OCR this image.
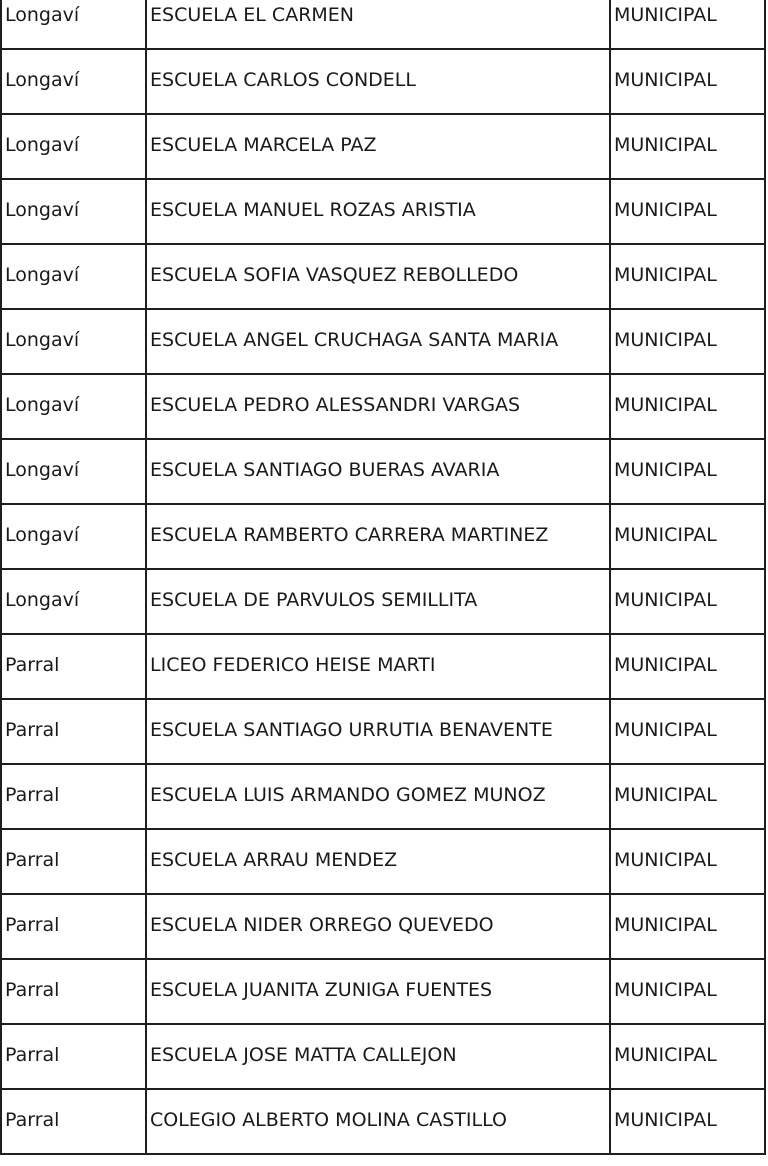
Longaví	ESCUELA EL CARMEN	MUNICIPAL
Longaví	ESCUELA CARLOS CONDELL	MUNICIPAL
Longaví	ESCUELA MARCELA PAZ	MUNICIPAL
Longaví	ESCUELA MANUEL ROZAS ARISTIA	MUNICIPAL
Longaví	ESCUELA SOFIA VASQUEZ REBOLLEDO	MUNICIPAL
Longaví	ESCUELA ANGEL CRUCHAGA SANTA MARIA	MUNICIPAL
Longaví	ESCUELA PEDRO ALESSANDRI VARGAS	MUNICIPAL
Longaví	ESCUELA SANTIAGO BUERAS AVARIA	MUNICIPAL
Longaví	ESCUELA RAMBERTO CARRERA MARTINEZ	MUNICIPAL
Longaví	ESCUELA DE PARVULOS SEMILLITA	MUNICIPAL
Parral	LICEO FEDERICO HEISE MARTI	MUNICIPAL
Parral	ESCUELA SANTIAGO URRUTIA BENAVENTE	MUNICIPAL
Parral	ESCUELA LUIS ARMANDO GOMEZ MUNOZ	MUNICIPAL
Parral	ESCUELA ARRAU MENDEZ	MUNICIPAL
Parral	ESCUELA NIDER ORREGO QUEVEDO	MUNICIPAL
Parral	ESCUELA JUANITA ZUNIGA FUENTES	MUNICIPAL
Parral	ESCUELA JOSE MATTA CALLEJON	MUNICIPAL
Parral	COLEGIO ALBERTO MOLINA CASTILLO	MUNICIPAL
